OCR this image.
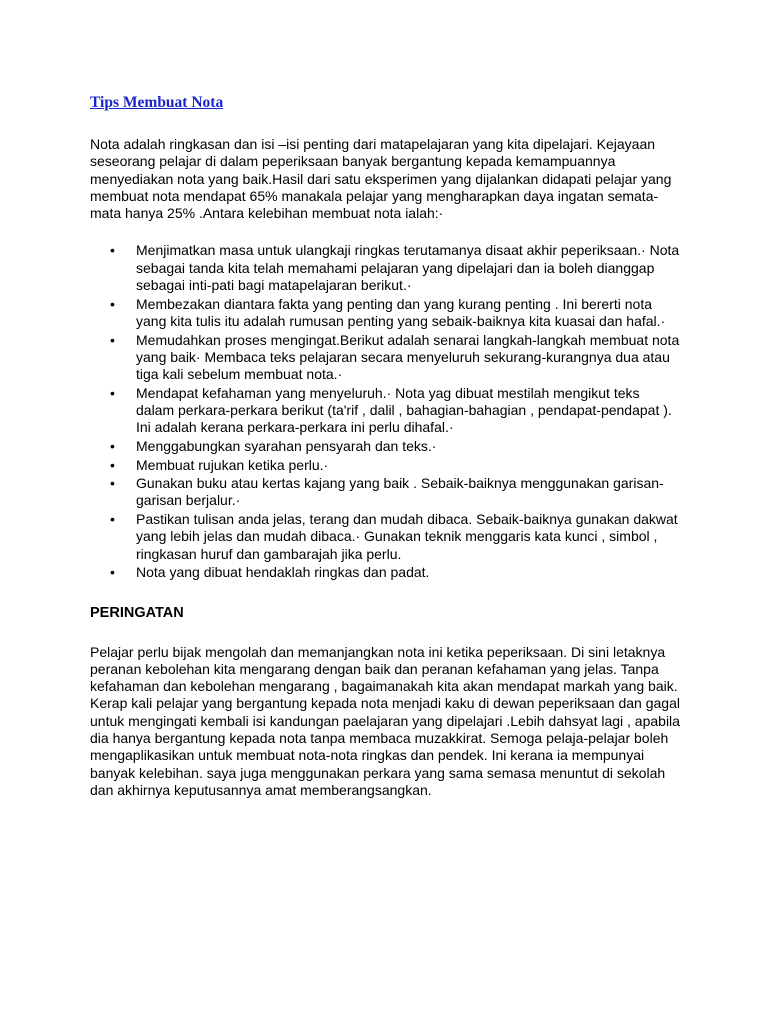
Tips Membuat Nota

Nota adalah ringkasan dan isi –isi penting dari matapelajaran yang kita dipelajari. Kejayaan seseorang pelajar di dalam peperiksaan banyak bergantung kepada kemampuannya menyediakan nota yang baik.Hasil dari satu eksperimen yang dijalankan didapati pelajar yang membuat nota mendapat 65% manakala pelajar yang mengharapkan daya ingatan semata-mata hanya 25% .Antara kelebihan membuat nota ialah:·

• Menjimatkan masa untuk ulangkaji ringkas terutamanya disaat akhir peperiksaan.· Nota sebagai tanda kita telah memahami pelajaran yang dipelajari dan ia boleh dianggap sebagai inti-pati bagi matapelajaran berikut.·
• Membezakan diantara fakta yang penting dan yang kurang penting . Ini bererti nota yang kita tulis itu adalah rumusan penting yang sebaik-baiknya kita kuasai dan hafal.·
• Memudahkan proses mengingat.Berikut adalah senarai langkah-langkah membuat nota yang baik· Membaca teks pelajaran secara menyeluruh sekurang-kurangnya dua atau tiga kali sebelum membuat nota.·
• Mendapat kefahaman yang menyeluruh.· Nota yag dibuat mestilah mengikut teks dalam perkara-perkara berikut (ta'rif , dalil , bahagian-bahagian , pendapat-pendapat ). Ini adalah kerana perkara-perkara ini perlu dihafal.·
• Menggabungkan syarahan pensyarah dan teks.·
• Membuat rujukan ketika perlu.·
• Gunakan buku atau kertas kajang yang baik . Sebaik-baiknya menggunakan garisan-garisan berjalur.·
• Pastikan tulisan anda jelas, terang dan mudah dibaca. Sebaik-baiknya gunakan dakwat yang lebih jelas dan mudah dibaca.· Gunakan teknik menggaris kata kunci , simbol , ringkasan huruf dan gambarajah jika perlu.
• Nota yang dibuat hendaklah ringkas dan padat.
PERINGATAN

Pelajar perlu bijak mengolah dan memanjangkan nota ini ketika peperiksaan. Di sini letaknya peranan kebolehan kita mengarang dengan baik dan peranan kefahaman yang jelas. Tanpa kefahaman dan kebolehan mengarang , bagaimanakah kita akan mendapat markah yang baik. Kerap kali pelajar yang bergantung kepada nota menjadi kaku di dewan peperiksaan dan gagal untuk mengingati kembali isi kandungan paelajaran yang dipelajari .Lebih dahsyat lagi , apabila dia hanya bergantung kepada nota tanpa membaca muzakkirat. Semoga pelaja-pelajar boleh mengaplikasikan untuk membuat nota-nota ringkas dan pendek. Ini kerana ia mempunyai banyak kelebihan. saya juga menggunakan perkara yang sama semasa menuntut di sekolah dan akhirnya keputusannya amat memberangsangkan.
